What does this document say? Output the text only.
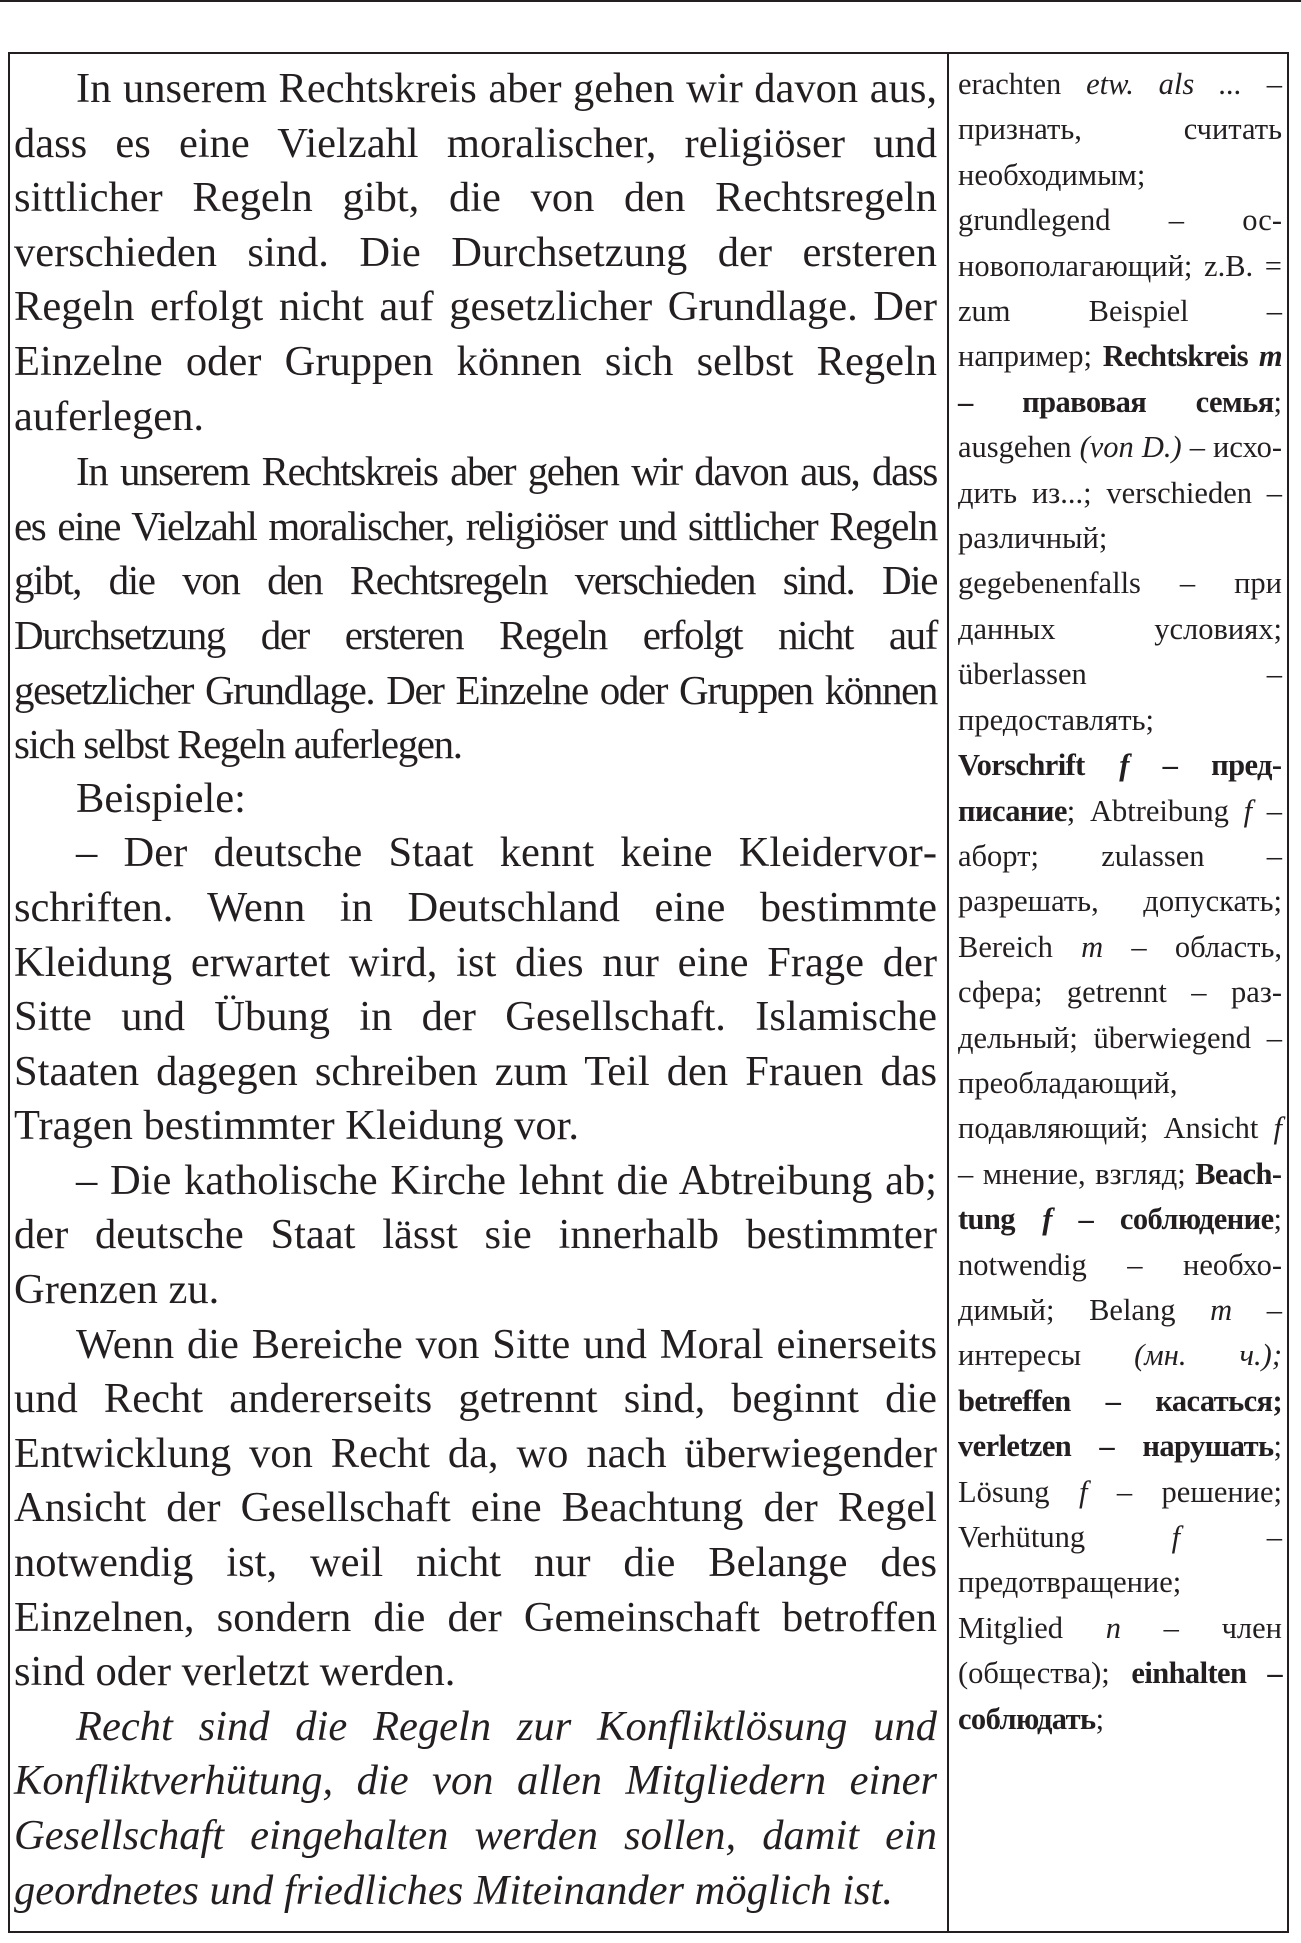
In unserem Rechtskreis aber gehen wir davon aus, dass es eine Vielzahl moralischer, religiöser und sittlicher Regeln gibt, die von den Rechtsregeln verschieden sind. Die Durchsetzung der ersteren Regeln erfolgt nicht auf gesetzlicher Grundlage. Der Einzelne oder Gruppen können sich selbst Regeln auferlegen.

In unserem Rechtskreis aber gehen wir davon aus, dass es eine Vielzahl moralischer, religiöser und sittlicher Regeln gibt, die von den Rechtsregeln verschieden sind. Die Durchsetzung der ersteren Regeln erfolgt nicht auf gesetzlicher Grundlage. Der Einzelne oder Gruppen können sich selbst Regeln auferlegen.

Beispiele:

– Der deutsche Staat kennt keine Kleidervorschriften. Wenn in Deutschland eine bestimmte Kleidung erwartet wird, ist dies nur eine Frage der Sitte und Übung in der Gesellschaft. Islamische Staaten dagegen schreiben zum Teil den Frauen das Tragen bestimmter Kleidung vor.

– Die katholische Kirche lehnt die Abtreibung ab; der deutsche Staat lässt sie innerhalb bestimmter Grenzen zu.

Wenn die Bereiche von Sitte und Moral einerseits und Recht andererseits getrennt sind, beginnt die Entwicklung von Recht da, wo nach überwiegender Ansicht der Gesellschaft eine Beachtung der Regel notwendig ist, weil nicht nur die Belange des Einzelnen, sondern die der Gemeinschaft betroffen sind oder verletzt werden.

Recht sind die Regeln zur Konfliktlösung und Konfliktverhütung, die von allen Mitgliedern einer Gesellschaft eingehalten werden sollen, damit ein geordnetes und friedliches Miteinander möglich ist.

erachten etw. als ... – признать, считать необходимым; grundlegend – основополагающий; z.B. = zum Beispiel – например; Rechtskreis m – правовая семья; ausgehen (von D.) – исходить из...; verschieden – различный; gegebenenfalls – при данных условиях; überlassen – предоставлять; Vorschrift f – предписание; Abtreibung f – аборт; zulassen – разрешать, допускать; Bereich m – область, сфера; getrennt – раздельный; überwiegend – преобладающий, подавляющий; Ansicht f – мнение, взгляд; Beachtung f – соблюдение; notwendig – необходимый; Belang m – интересы (мн. ч.); betreffen – касаться; verletzen – нарушать; Lösung f – решение; Verhütung	f – предотвращение; Mitglied n – член (общества); einhalten – соблюдать;
